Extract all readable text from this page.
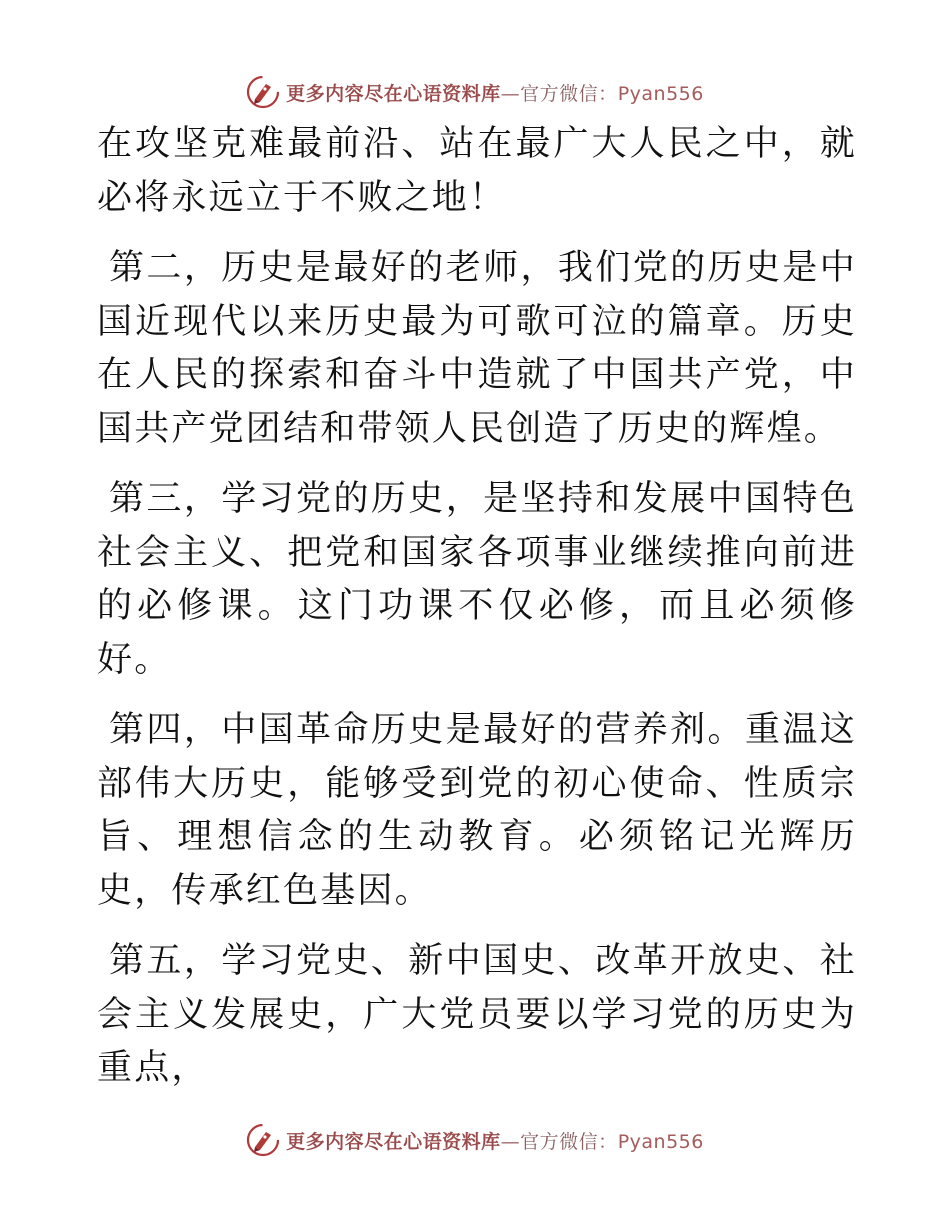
更多内容尽在心语资料库—官方微信：Pyan556

在攻坚克难最前沿、站在最广大人民之中，就必将永远立于不败之地！

第二，历史是最好的老师，我们党的历史是中国近现代以来历史最为可歌可泣的篇章。历史在人民的探索和奋斗中造就了中国共产党，中国共产党团结和带领人民创造了历史的辉煌。

第三，学习党的历史，是坚持和发展中国特色社会主义、把党和国家各项事业继续推向前进的必修课。这门功课不仅必修，而且必须修好。

第四，中国革命历史是最好的营养剂。重温这部伟大历史，能够受到党的初心使命、性质宗旨、理想信念的生动教育。必须铭记光辉历史，传承红色基因。

第五，学习党史、新中国史、改革开放史、社会主义发展史，广大党员要以学习党的历史为重点，

更多内容尽在心语资料库—官方微信：Pyan556
